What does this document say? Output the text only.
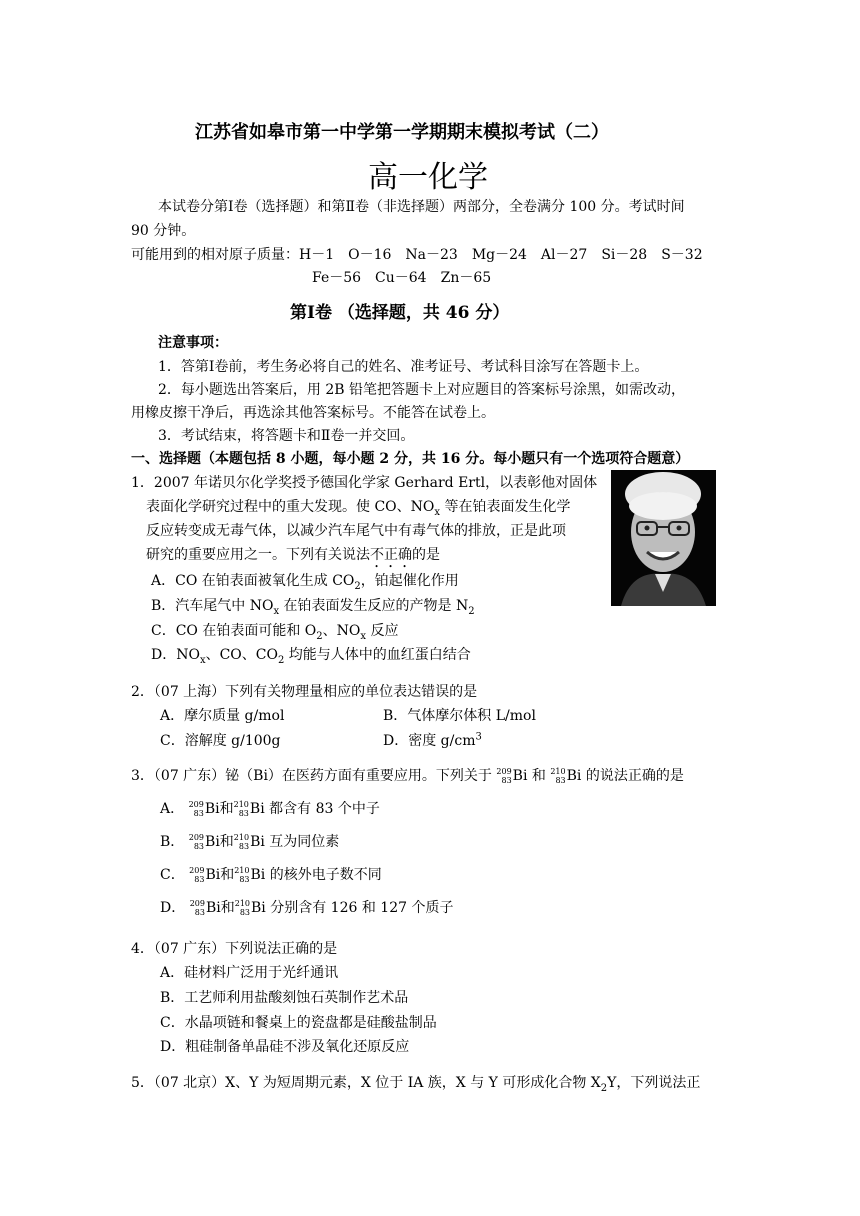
江苏省如皋市第一中学第一学期期末模拟考试（二）
高一化学
本试卷分第Ⅰ卷（选择题）和第Ⅱ卷（非选择题）两部分，全卷满分 100 分。考试时间
90 分钟。
可能用到的相对原子质量：H－1　O－16　Na－23　Mg－24　Al－27　Si－28　S－32
Fe－56　Cu－64　Zn－65
第Ⅰ卷 （选择题，共 46 分）
注意事项：
1．答第Ⅰ卷前，考生务必将自己的姓名、准考证号、考试科目涂写在答题卡上。
2．每小题选出答案后，用 2B 铅笔把答题卡上对应题目的答案标号涂黑，如需改动，
用橡皮擦干净后，再选涂其他答案标号。不能答在试卷上。
3．考试结束，将答题卡和Ⅱ卷一并交回。
一、选择题（本题包括 8 小题，每小题 2 分，共 16 分。每小题只有一个选项符合题意）
1．2007 年诺贝尔化学奖授予德国化学家 Gerhard Ertl，以表彰他对固体
表面化学研究过程中的重大发现。使 CO、$NO_x$ 等在铂表面发生化学
反应转变成无毒气体，以减少汽车尾气中有毒气体的排放，正是此项
研究的重要应用之一。下列有关说法不正确的是
A．CO 在铂表面被氧化生成 $CO_2$，铂起催化作用
B．汽车尾气中 $NO_x$ 在铂表面发生反应的产物是 $N_2$
C．CO 在铂表面可能和 $O_2$、$NO_x$ 反应
D．$NO_x$、CO、$CO_2$ 均能与人体中的血红蛋白结合
2．（07 上海）下列有关物理量相应的单位表达错误的是
A．摩尔质量 g/mol	B．气体摩尔体积 L/mol
C．溶解度 g/100g	D．密度 $g/cm^3$
3．（07 广东）铋（Bi）在医药方面有重要应用。下列关于 209
83 Bi 和 210
83 Bi 的说法正确的是
A． 209
83 Bi 和 210
83 Bi 都含有 83 个中子
B． 209
83 Bi 和 210
83 Bi 互为同位素
C． 209
83 Bi 和 210
83 Bi 的核外电子数不同
D． 209
83 Bi 和 210
83 Bi 分别含有 126 和 127 个质子
4．（07 广东）下列说法正确的是
A．硅材料广泛用于光纤通讯
B．工艺师利用盐酸刻蚀石英制作艺术品
C．水晶项链和餐桌上的瓷盘都是硅酸盐制品
D．粗硅制备单晶硅不涉及氧化还原反应
5．（07 北京）X、Y 为短周期元素，X 位于 IA 族，X 与 Y 可形成化合物 $X_2Y$，下列说法正
